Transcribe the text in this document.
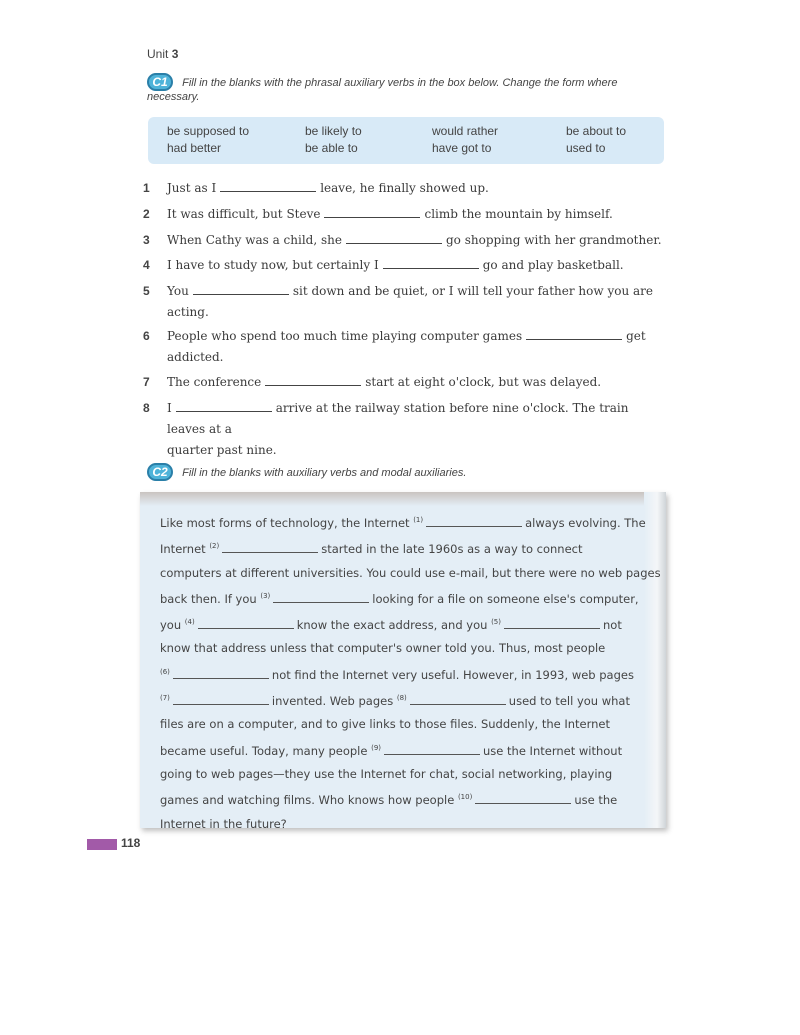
Unit 3
C1 Fill in the blanks with the phrasal auxiliary verbs in the box below. Change the form where
necessary.
be supposed to	be likely to	would rather	be about to
had better	be able to	have got to	used to
1 Just as I	leave, he finally showed up.
2 It was difficult, but Steve	climb the mountain by himself.
3 When Cathy was a child, she	go shopping with her grandmother.
4 I have to study now, but certainly I	go and play basketball.
5 You	sit down and be quiet, or I will tell your father how you are
acting.
6 People who spend too much time playing computer games	get
addicted.
7 The conference	start at eight o'clock, but was delayed.
8 I	arrive at the railway station before nine o'clock. The train leaves at a
quarter past nine.
C2 Fill in the blanks with auxiliary verbs and modal auxiliaries.
Like most forms of technology, the Internet $^{(1)}$	always evolving. The
Internet $^{(2)}$	started in the late 1960s as a way to connect
computers at different universities. You could use e-mail, but there were no web pages
back then. If you $^{(3)}$	looking for a file on someone else's computer,
you $^{(4)}$	know the exact address, and you $^{(5)}$	not
know that address unless that computer's owner told you. Thus, most people
$^{(6)}$	not find the Internet very useful. However, in 1993, web pages
$^{(7)}$	invented. Web pages $^{(8)}$	used to tell you what
files are on a computer, and to give links to those files. Suddenly, the Internet
became useful. Today, many people $^{(9)}$	use the Internet without
going to web pages—they use the Internet for chat, social networking, playing
games and watching films. Who knows how people $^{(10)}$	use the
Internet in the future?
118
